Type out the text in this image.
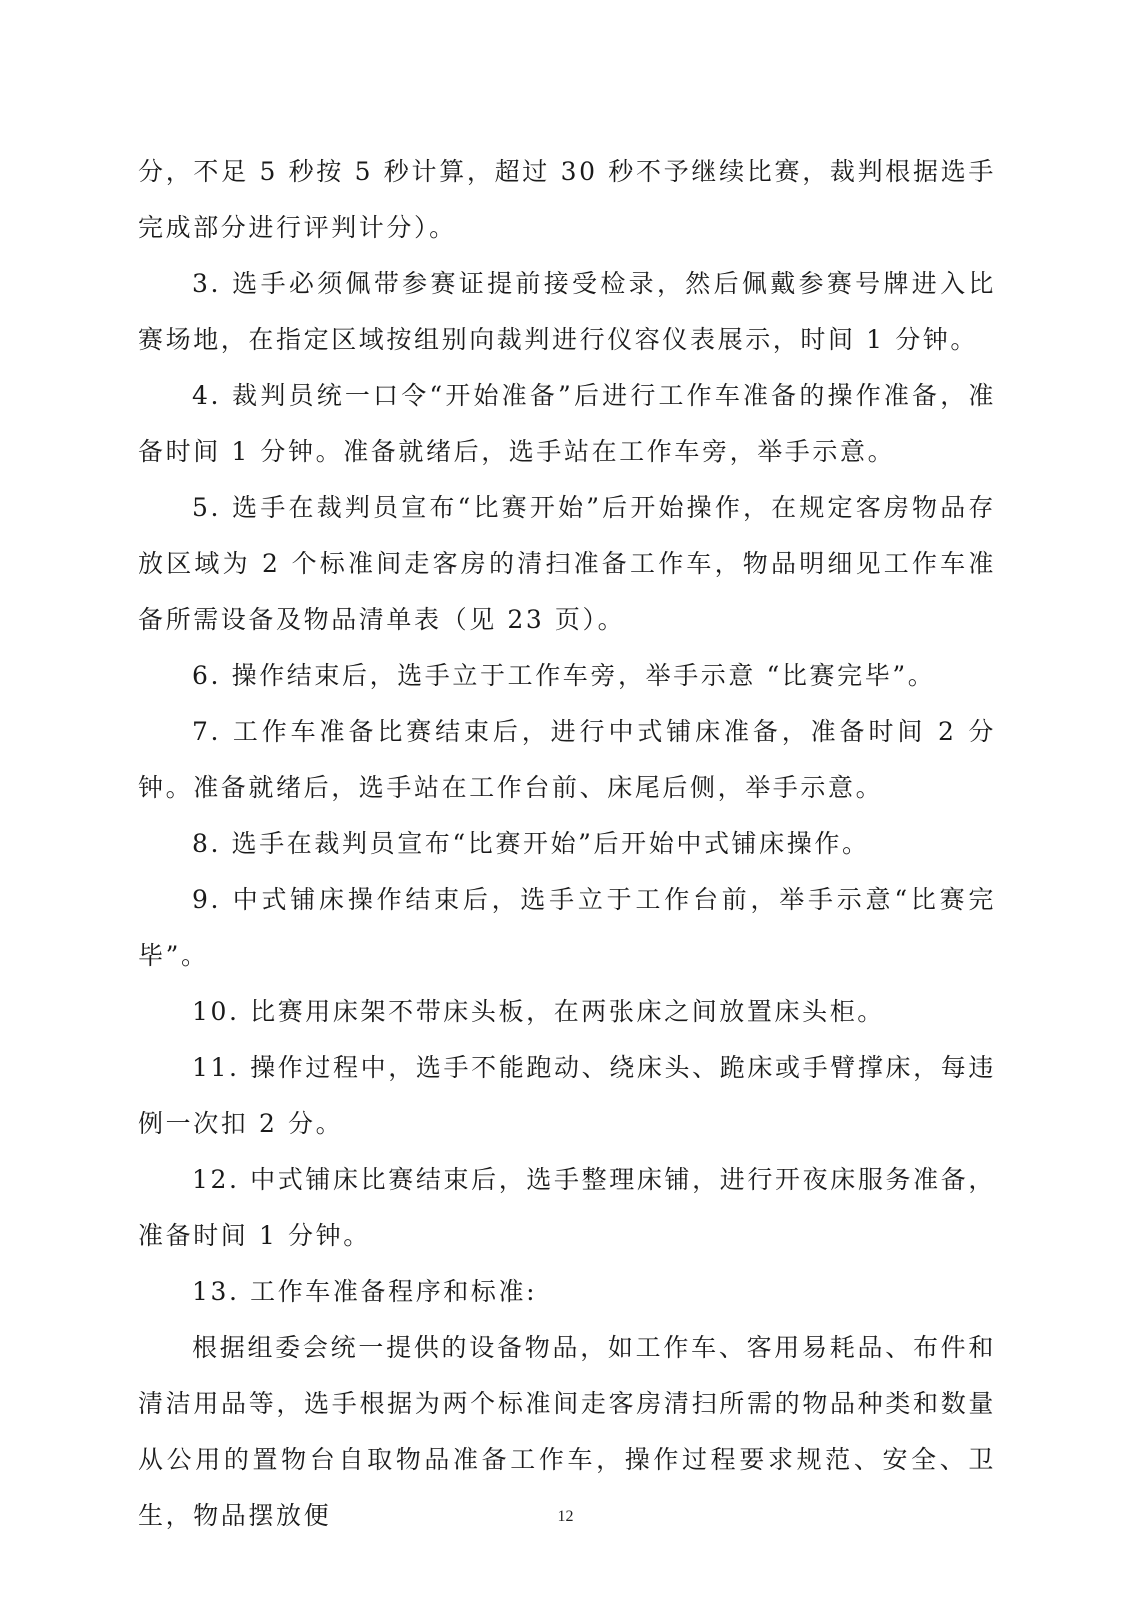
分，不足 5 秒按 5 秒计算，超过 30 秒不予继续比赛，裁判根据选手完成部分进行评判计分）。

3. 选手必须佩带参赛证提前接受检录，然后佩戴参赛号牌进入比赛场地，在指定区域按组别向裁判进行仪容仪表展示，时间 1 分钟。

4. 裁判员统一口令“开始准备”后进行工作车准备的操作准备，准备时间 1 分钟。准备就绪后，选手站在工作车旁，举手示意。

5. 选手在裁判员宣布“比赛开始”后开始操作，在规定客房物品存放区域为 2 个标准间走客房的清扫准备工作车，物品明细见工作车准备所需设备及物品清单表（见 23 页）。

6. 操作结束后，选手立于工作车旁，举手示意 “比赛完毕”。

7. 工作车准备比赛结束后，进行中式铺床准备，准备时间 2 分钟。准备就绪后，选手站在工作台前、床尾后侧，举手示意。

8. 选手在裁判员宣布“比赛开始”后开始中式铺床操作。

9. 中式铺床操作结束后，选手立于工作台前，举手示意“比赛完毕”。

10. 比赛用床架不带床头板，在两张床之间放置床头柜。

11. 操作过程中，选手不能跑动、绕床头、跪床或手臂撑床，每违例一次扣 2 分。

12. 中式铺床比赛结束后，选手整理床铺，进行开夜床服务准备， 准备时间 1 分钟。

13. 工作车准备程序和标准:

根据组委会统一提供的设备物品，如工作车、客用易耗品、布件和清洁用品等，选手根据为两个标准间走客房清扫所需的物品种类和数量从公用的置物台自取物品准备工作车，操作过程要求规范、安全、卫生，物品摆放便	12
